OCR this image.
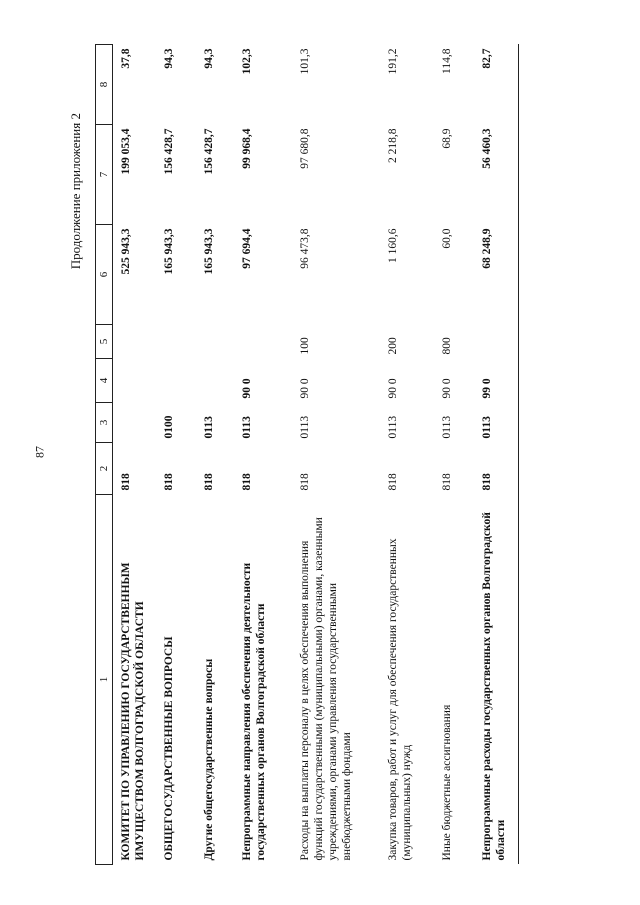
87
Продолжение приложения 2
1	2	3	4	5	6	7	8
КОМИТЕТ ПО УПРАВЛЕНИЮ ГОСУДАРСТВЕННЫМ ИМУЩЕСТВОМ ВОЛГОГРАДСКОЙ ОБЛАСТИ	818				525 943,3	199 053,4	37,8
ОБЩЕГОСУДАРСТВЕННЫЕ ВОПРОСЫ	818	0100			165 943,3	156 428,7	94,3
Другие общегосударственные вопросы	818	0113			165 943,3	156 428,7	94,3
Непрограммные направления обеспечения деятельности государственных органов Волгоградской области	818	0113	90 0		97 694,4	99 968,4	102,3
Расходы на выплаты персоналу в целях обеспечения выполнения функций государственными (муниципальными) органами, казенными учреждениями, органами управления государственными внебюджетными фондами	818	0113	90 0	100	96 473,8	97 680,8	101,3
Закупка товаров, работ и услуг для обеспечения государственных (муниципальных) нужд	818	0113	90 0	200	1 160,6	2 218,8	191,2
Иные бюджетные ассигнования	818	0113	90 0	800	60,0	68,9	114,8
Непрограммные расходы государственных органов Волгоградской области	818	0113	99 0		68 248,9	56 460,3	82,7
